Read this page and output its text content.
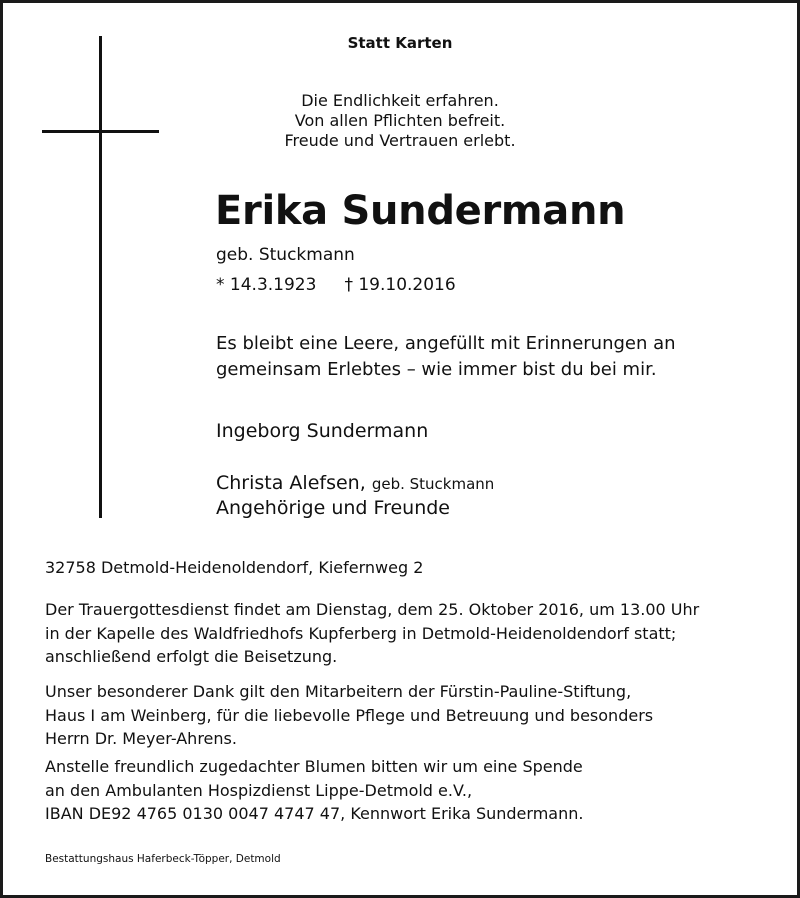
Statt Karten
Die Endlichkeit erfahren.
Von allen Pflichten befreit.
Freude und Vertrauen erlebt.
Erika Sundermann
geb. Stuckmann
* 14.3.1923 † 19.10.2016
Es bleibt eine Leere, angefüllt mit Erinnerungen an
gemeinsam Erlebtes – wie immer bist du bei mir.
Ingeborg Sundermann
Christa Alefsen, geb. Stuckmann
Angehörige und Freunde
32758 Detmold-Heidenoldendorf, Kiefernweg 2
Der Trauergottesdienst findet am Dienstag, dem 25. Oktober 2016, um 13.00 Uhr
in der Kapelle des Waldfriedhofs Kupferberg in Detmold-Heidenoldendorf statt;
anschließend erfolgt die Beisetzung.
Unser besonderer Dank gilt den Mitarbeitern der Fürstin-Pauline-Stiftung,
Haus I am Weinberg, für die liebevolle Pflege und Betreuung und besonders
Herrn Dr. Meyer-Ahrens.
Anstelle freundlich zugedachter Blumen bitten wir um eine Spende
an den Ambulanten Hospizdienst Lippe-Detmold e.V.,
IBAN DE92 4765 0130 0047 4747 47, Kennwort Erika Sundermann.
Bestattungshaus Haferbeck-Töpper, Detmold
